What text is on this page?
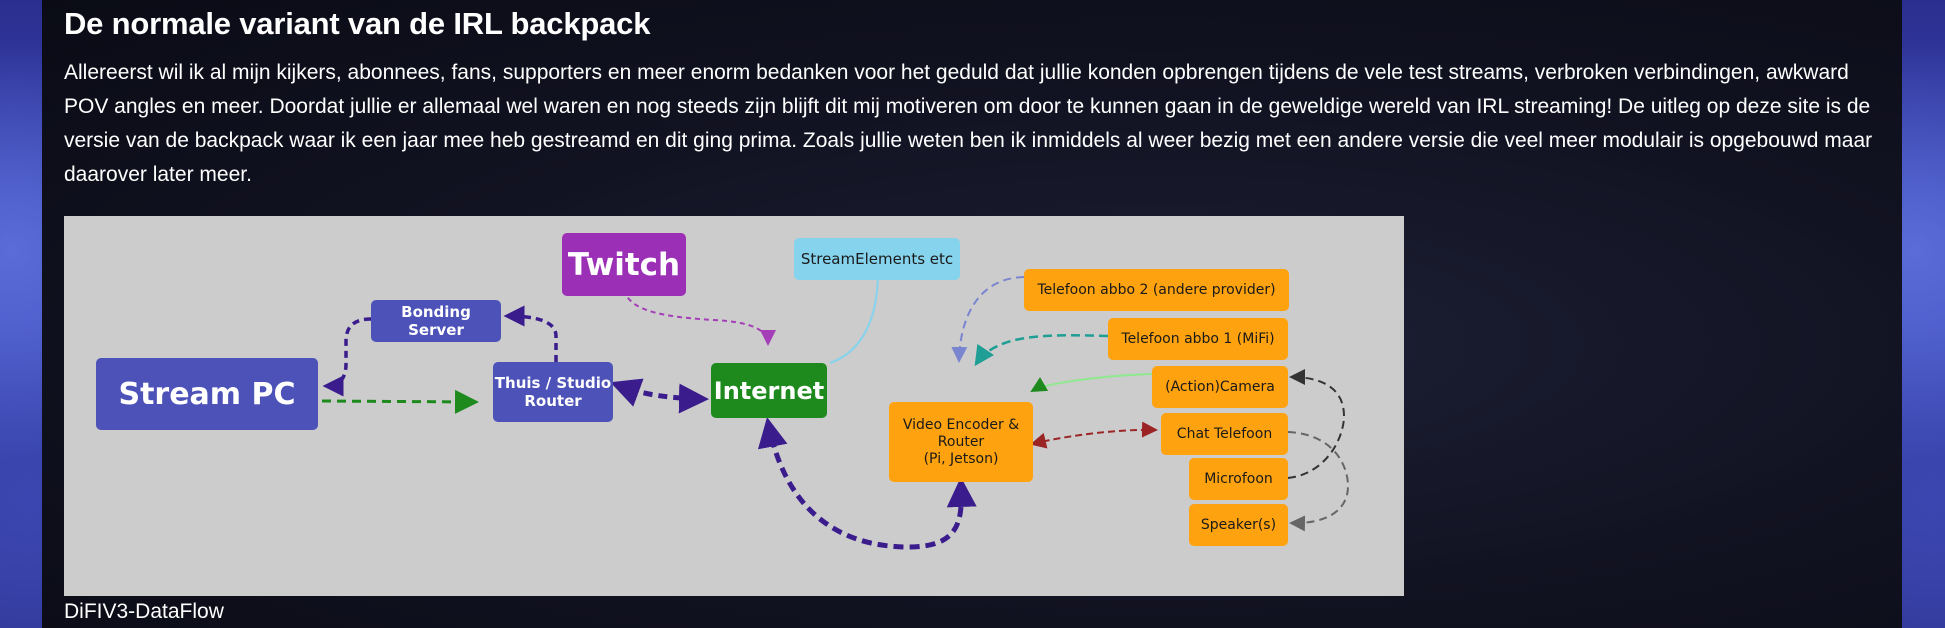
De normale variant van de IRL backpack

Allereerst wil ik al mijn kijkers, abonnees, fans, supporters en meer enorm bedanken voor het geduld dat jullie konden opbrengen tijdens de vele test streams, verbroken verbindingen, awkward POV angles en meer. Doordat jullie er allemaal wel waren en nog steeds zijn blijft dit mij motiveren om door te kunnen gaan in de geweldige wereld van IRL streaming! De uitleg op deze site is de versie van de backpack waar ik een jaar mee heb gestreamd en dit ging prima. Zoals jullie weten ben ik inmiddels al weer bezig met een andere versie die veel meer modulair is opgebouwd maar daarover later meer.

Stream PC
Bonding Server
Thuis / Studio
Router
Twitch
Internet
StreamElements etc
Video Encoder &
Router
(Pi, Jetson)
Telefoon abbo 2 (andere provider)
Telefoon abbo 1 (MiFi)
(Action)Camera
Chat Telefoon
Microfoon
Speaker(s)

DiFIV3-DataFlow
